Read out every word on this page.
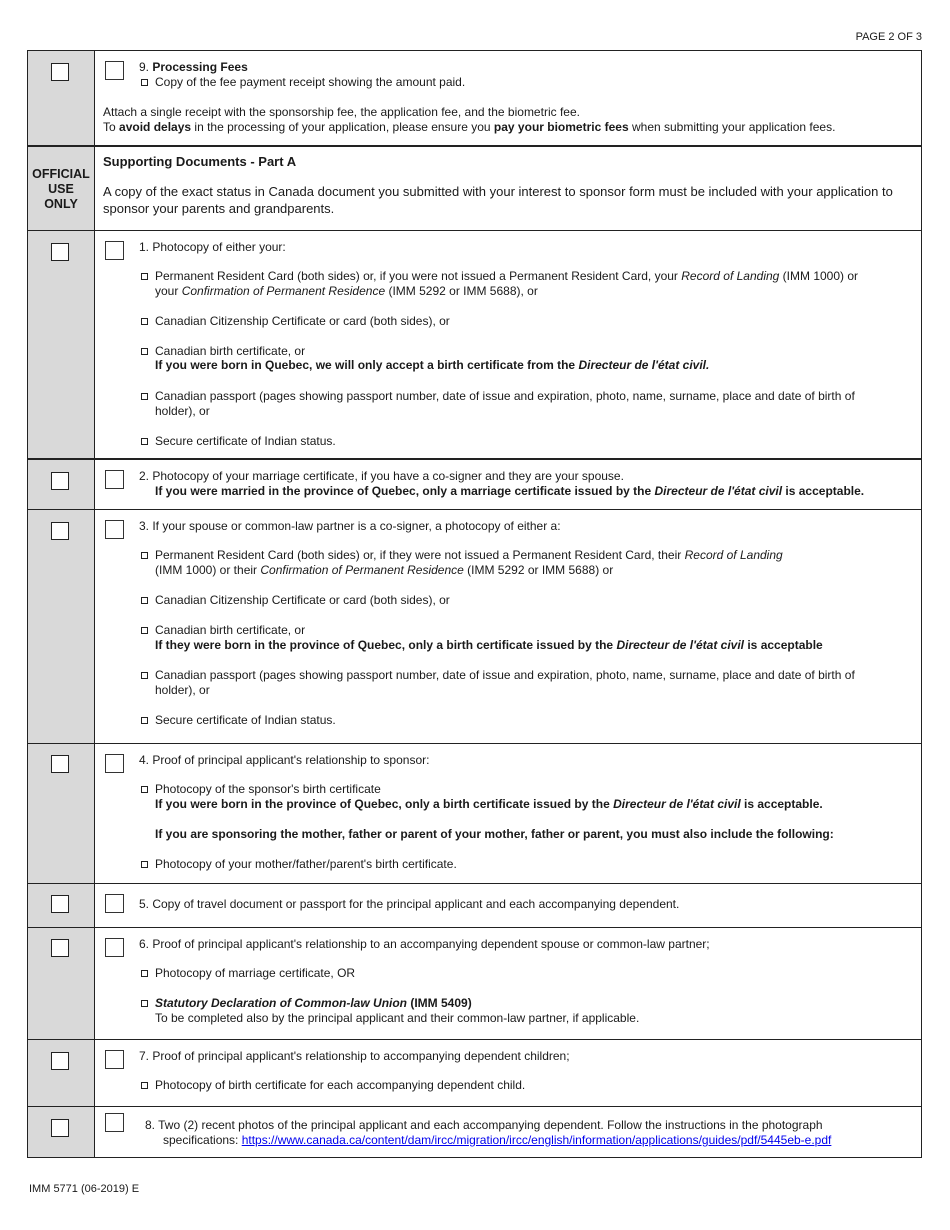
PAGE 2 OF 3
9. Processing Fees
Copy of the fee payment receipt showing the amount paid.
Attach a single receipt with the sponsorship fee, the application fee, and the biometric fee.
To avoid delays in the processing of your application, please ensure you pay your biometric fees when submitting your application fees.
OFFICIAL
USE
ONLY
Supporting Documents - Part A
A copy of the exact status in Canada document you submitted with your interest to sponsor form must be included with your application to sponsor your parents and grandparents.
1. Photocopy of either your:
Permanent Resident Card (both sides) or, if you were not issued a Permanent Resident Card, your Record of Landing (IMM 1000) or
your Confirmation of Permanent Residence (IMM 5292 or IMM 5688), or
Canadian Citizenship Certificate or card (both sides), or
Canadian birth certificate, or
If you were born in Quebec, we will only accept a birth certificate from the Directeur de l'état civil.
Canadian passport (pages showing passport number, date of issue and expiration, photo, name, surname, place and date of birth of
holder), or
Secure certificate of Indian status.
2. Photocopy of your marriage certificate, if you have a co-signer and they are your spouse.
If you were married in the province of Quebec, only a marriage certificate issued by the Directeur de l'état civil is acceptable.
3. If your spouse or common-law partner is a co-signer, a photocopy of either a:
Permanent Resident Card (both sides) or, if they were not issued a Permanent Resident Card, their Record of Landing
(IMM 1000) or their Confirmation of Permanent Residence (IMM 5292 or IMM 5688) or
Canadian Citizenship Certificate or card (both sides), or
Canadian birth certificate, or
If they were born in the province of Quebec, only a birth certificate issued by the Directeur de l'état civil is acceptable
Canadian passport (pages showing passport number, date of issue and expiration, photo, name, surname, place and date of birth of
holder), or
Secure certificate of Indian status.
4. Proof of principal applicant's relationship to sponsor:
Photocopy of the sponsor's birth certificate
If you were born in the province of Quebec, only a birth certificate issued by the Directeur de l'état civil is acceptable.
If you are sponsoring the mother, father or parent of your mother, father or parent, you must also include the following:
Photocopy of your mother/father/parent's birth certificate.
5. Copy of travel document or passport for the principal applicant and each accompanying dependent.
6. Proof of principal applicant's relationship to an accompanying dependent spouse or common-law partner;
Photocopy of marriage certificate, OR
Statutory Declaration of Common-law Union (IMM 5409)
To be completed also by the principal applicant and their common-law partner, if applicable.
7. Proof of principal applicant's relationship to accompanying dependent children;
Photocopy of birth certificate for each accompanying dependent child.
8. Two (2) recent photos of the principal applicant and each accompanying dependent. Follow the instructions in the photograph
specifications: https://www.canada.ca/content/dam/ircc/migration/ircc/english/information/applications/guides/pdf/5445eb-e.pdf
IMM 5771 (06-2019) E
